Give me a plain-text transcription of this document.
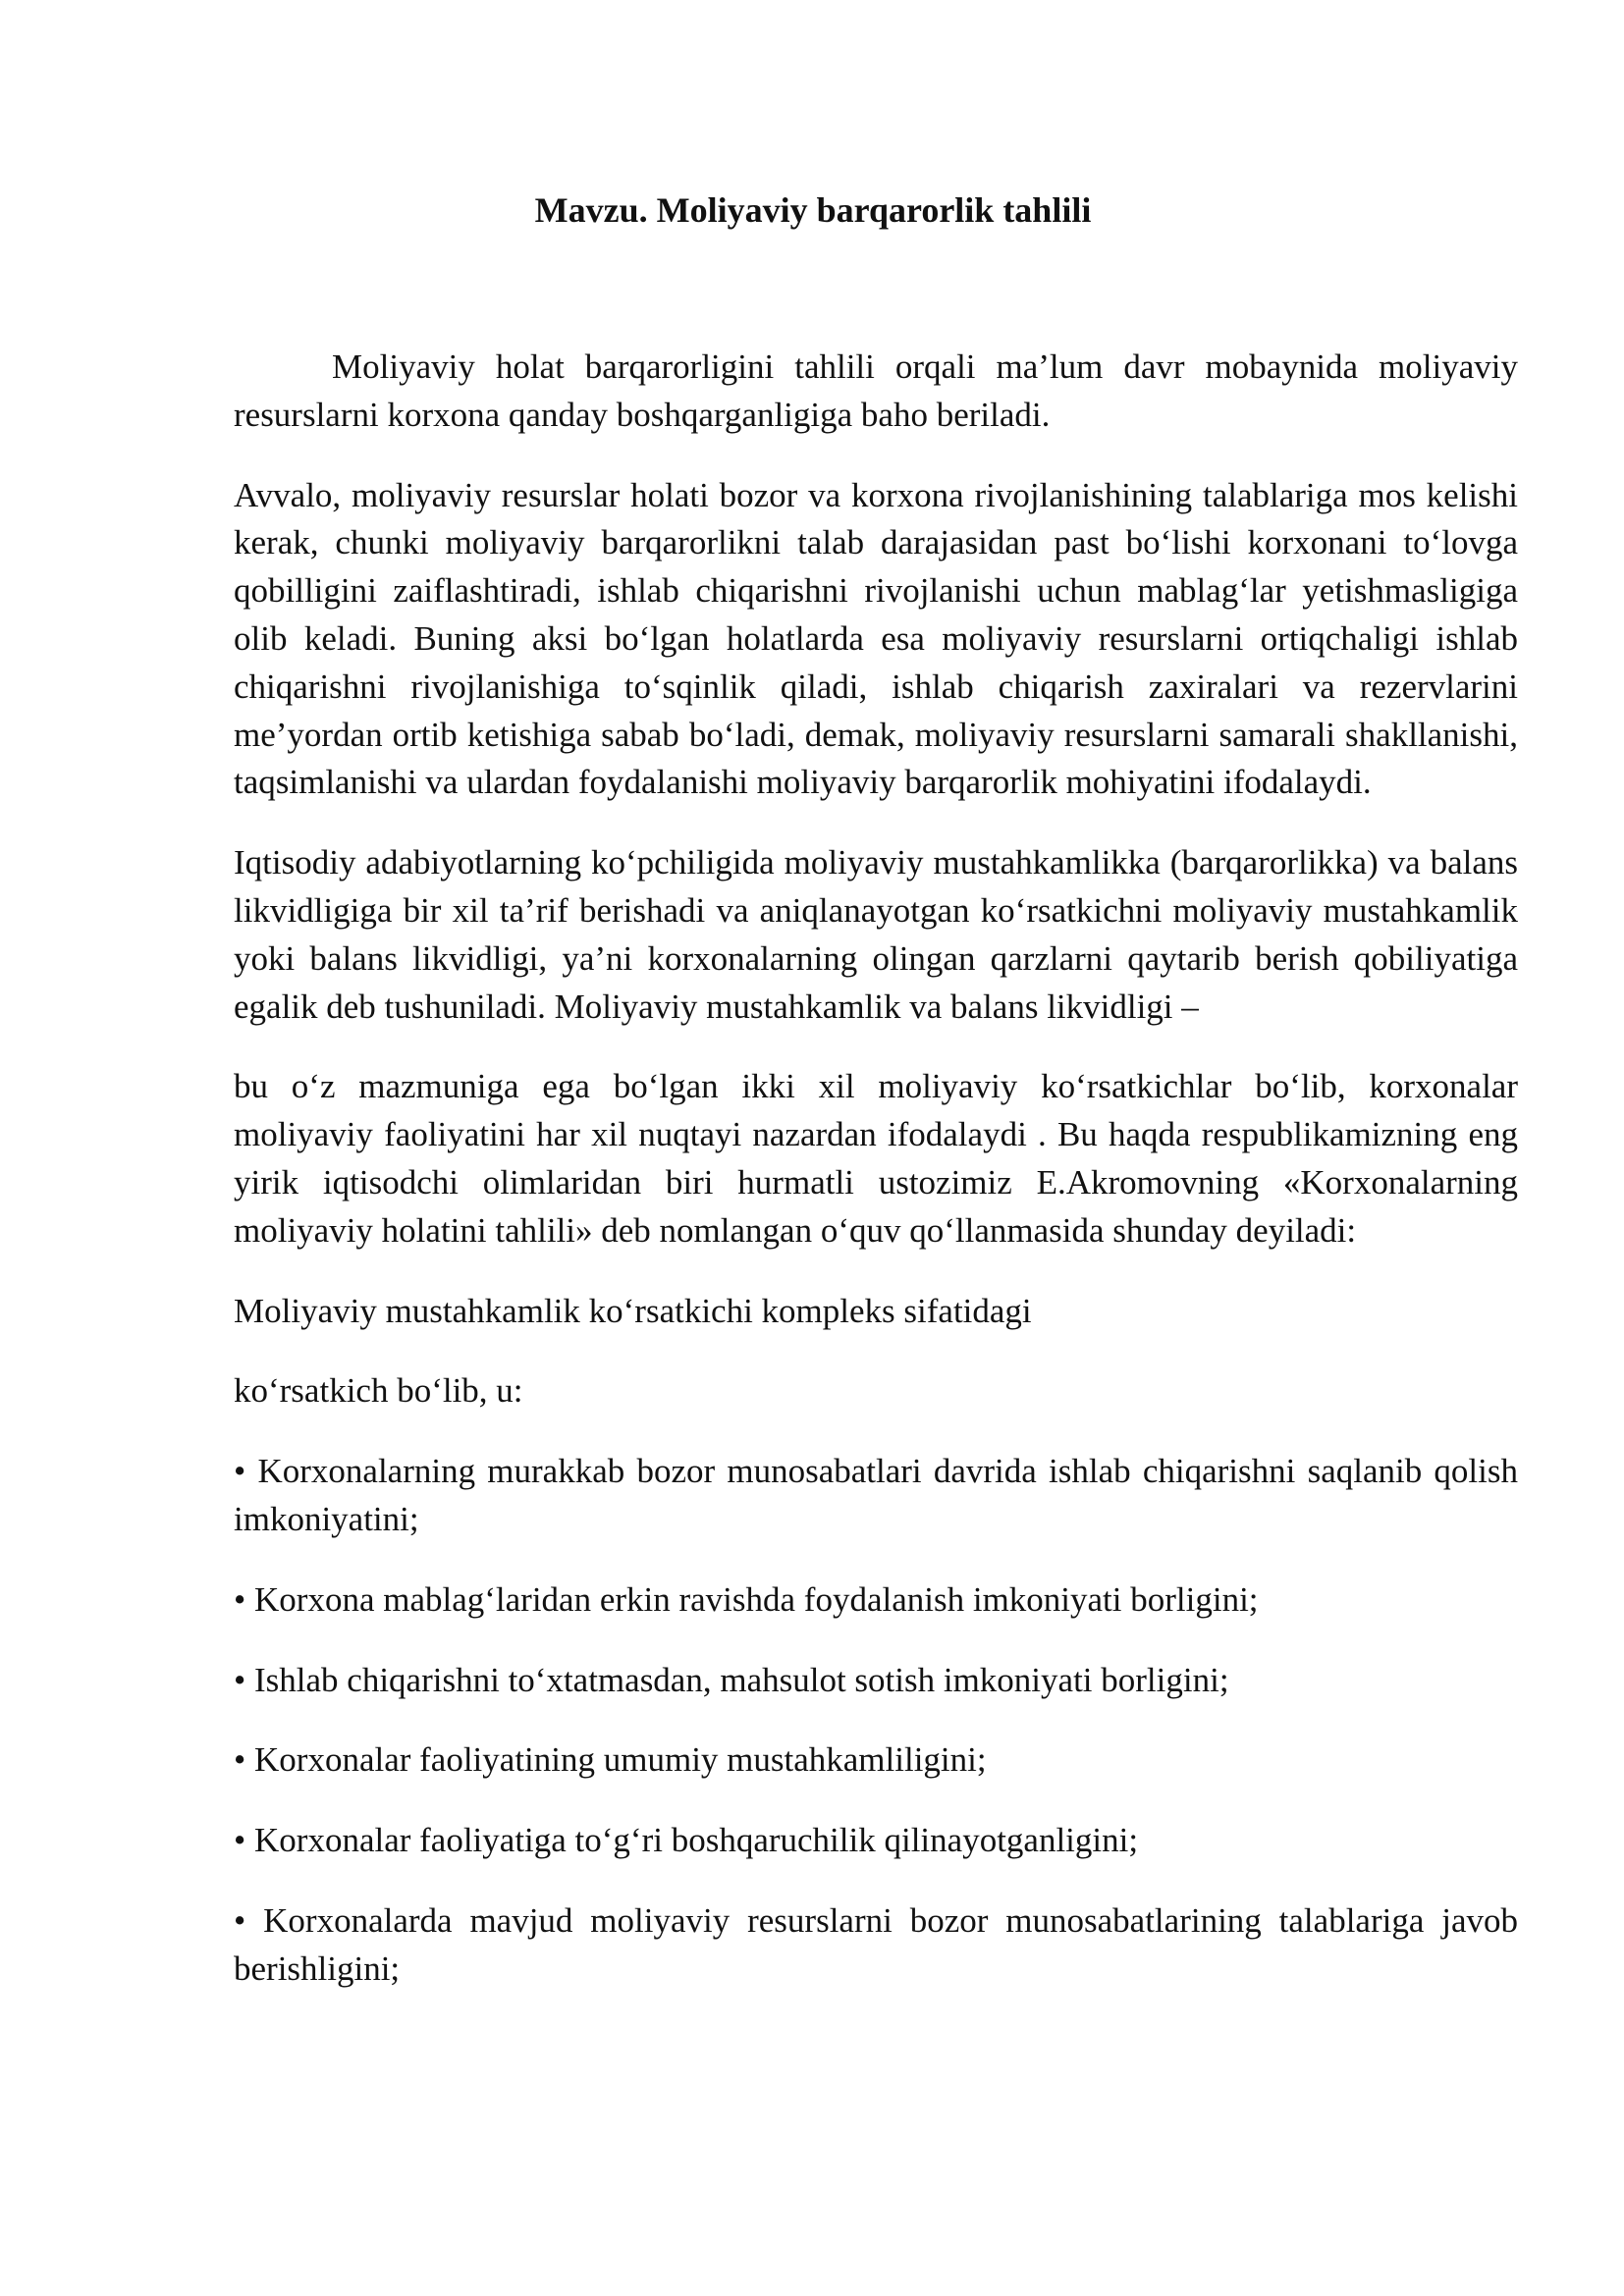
Mavzu. Moliyaviy barqarorlik tahlili

Moliyaviy holat barqarorligini tahlili orqali ma’lum davr mobaynida moliyaviy resurslarni korxona qanday boshqarganligiga baho beriladi.

Avvalo, moliyaviy resurslar holati bozor va korxona rivojlanishining talablariga mos kelishi kerak, chunki moliyaviy barqarorlikni talab darajasidan past bo‘lishi korxonani to‘lovga qobilligini zaiflashtiradi, ishlab chiqarishni rivojlanishi uchun mablag‘lar yetishmasligiga olib keladi. Buning aksi bo‘lgan holatlarda esa moliyaviy resurslarni ortiqchaligi ishlab chiqarishni rivojlanishiga to‘sqinlik qiladi, ishlab chiqarish zaxiralari va rezervlarini me’yordan ortib ketishiga sabab bo‘ladi, demak, moliyaviy resurslarni samarali shakllanishi, taqsimlanishi va ulardan foydalanishi moliyaviy barqarorlik mohiyatini ifodalaydi.

Iqtisodiy adabiyotlarning ko‘pchiligida moliyaviy mustahkamlikka (barqarorlikka) va balans likvidligiga bir xil ta’rif berishadi va aniqlanayotgan ko‘rsatkichni moliyaviy mustahkamlik yoki balans likvidligi, ya’ni korxonalarning olingan qarzlarni qaytarib berish qobiliyatiga egalik deb tushuniladi. Moliyaviy mustahkamlik va balans likvidligi –

bu o‘z mazmuniga ega bo‘lgan ikki xil moliyaviy ko‘rsatkichlar bo‘lib, korxonalar moliyaviy faoliyatini har xil nuqtayi nazardan ifodalaydi . Bu haqda respublikamizning eng yirik iqtisodchi olimlaridan biri hurmatli ustozimiz E.Akromovning «Korxonalarning moliyaviy holatini tahlili» deb nomlangan o‘quv qo‘llanmasida shunday deyiladi:

Moliyaviy mustahkamlik ko‘rsatkichi kompleks sifatidagi

ko‘rsatkich bo‘lib, u:

• Korxonalarning murakkab bozor munosabatlari davrida ishlab chiqarishni saqlanib qolish imkoniyatini;
• Korxona mablag‘laridan erkin ravishda foydalanish imkoniyati borligini;
• Ishlab chiqarishni to‘xtatmasdan, mahsulot sotish imkoniyati borligini;
• Korxonalar faoliyatining umumiy mustahkamliligini;
• Korxonalar faoliyatiga to‘g‘ri boshqaruchilik qilinayotganligini;
• Korxonalarda mavjud moliyaviy resurslarni bozor munosabatlarining talablariga javob berishligini;
